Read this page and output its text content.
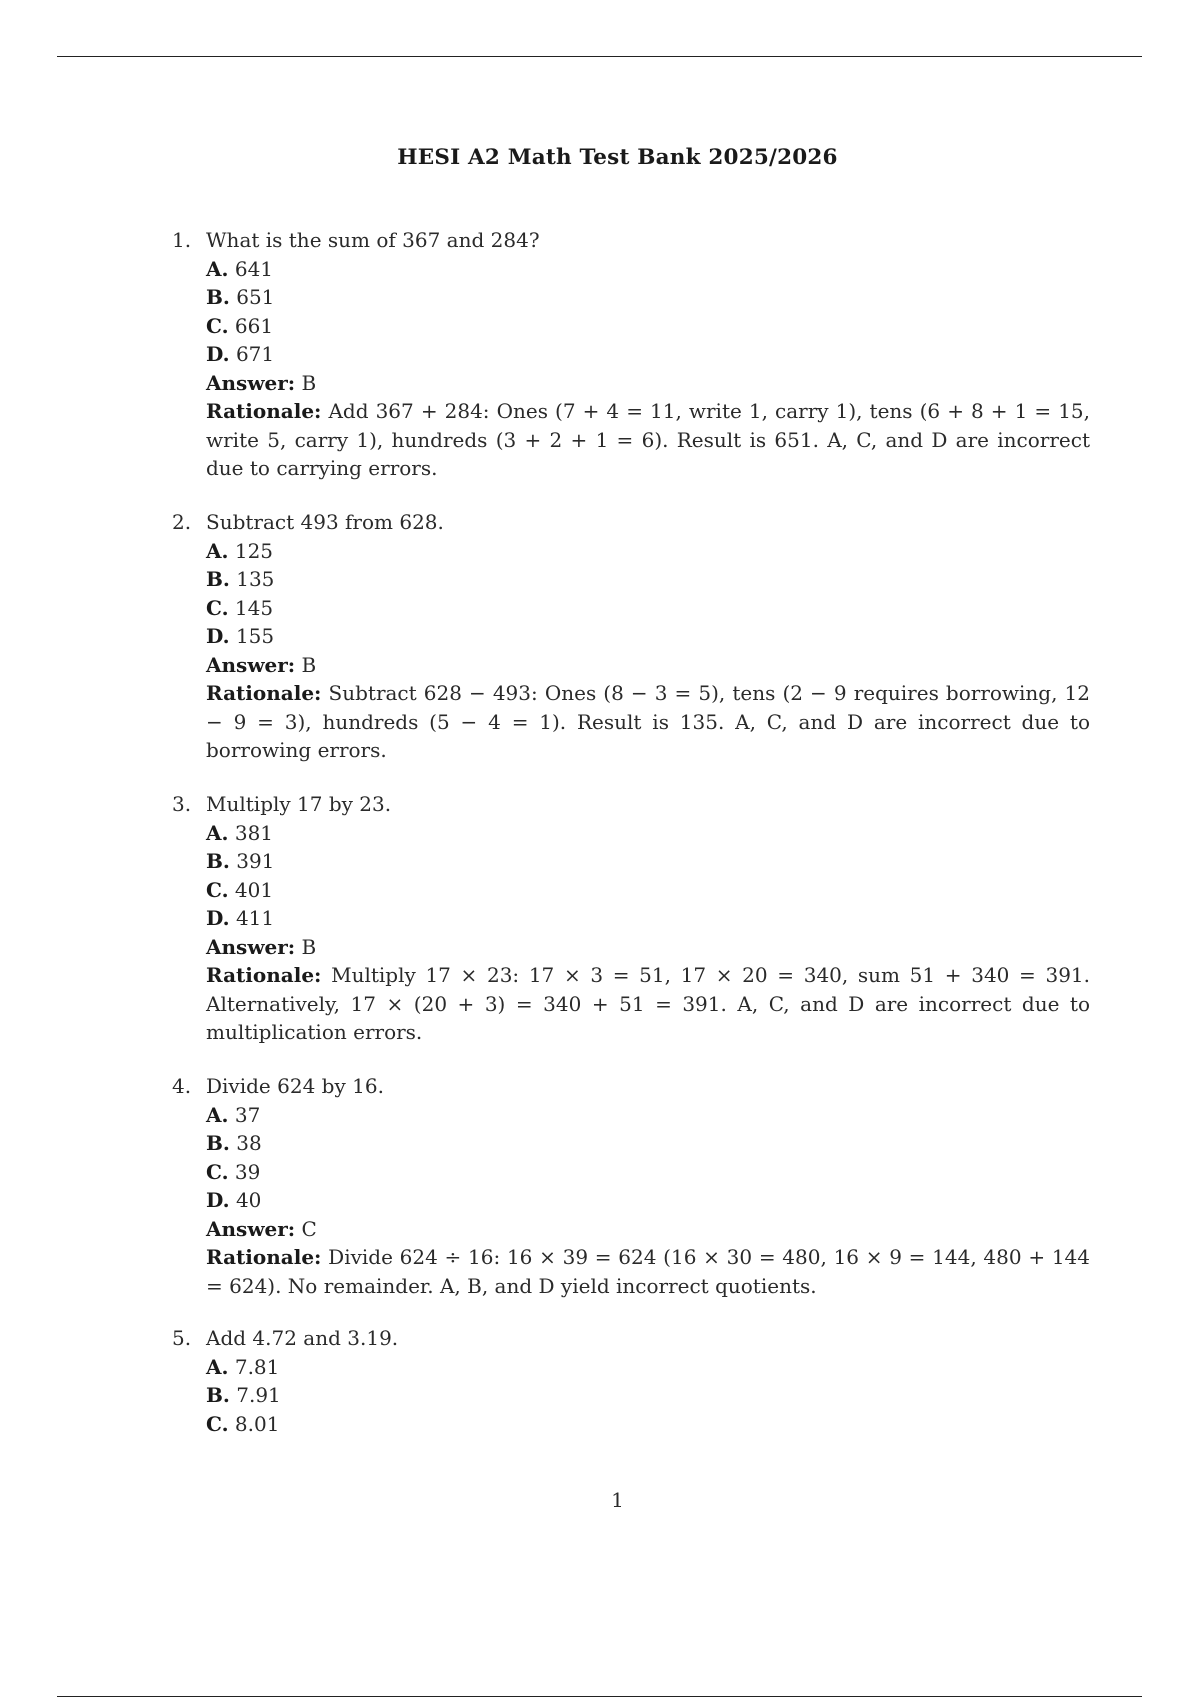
HESI A2 Math Test Bank 2025/2026
1. What is the sum of 367 and 284?
A. 641
B. 651
C. 661
D. 671
Answer: B
Rationale: Add 367 + 284: Ones (7 + 4 = 11, write 1, carry 1), tens (6 + 8 + 1 = 15, write 5, carry 1), hundreds (3 + 2 + 1 = 6). Result is 651. A, C, and D are incorrect due to carrying errors.
2. Subtract 493 from 628.
A. 125
B. 135
C. 145
D. 155
Answer: B
Rationale: Subtract 628 − 493: Ones (8 − 3 = 5), tens (2 − 9 requires borrowing, 12 − 9 = 3), hundreds (5 − 4 = 1). Result is 135. A, C, and D are incorrect due to borrowing errors.
3. Multiply 17 by 23.
A. 381
B. 391
C. 401
D. 411
Answer: B
Rationale: Multiply 17 × 23: 17 × 3 = 51, 17 × 20 = 340, sum 51 + 340 = 391. Alternatively, 17 × (20 + 3) = 340 + 51 = 391. A, C, and D are incorrect due to multiplication errors.
4. Divide 624 by 16.
A. 37
B. 38
C. 39
D. 40
Answer: C
Rationale: Divide 624 ÷ 16: 16 × 39 = 624 (16 × 30 = 480, 16 × 9 = 144, 480 + 144 = 624). No remainder. A, B, and D yield incorrect quotients.
5. Add 4.72 and 3.19.
A. 7.81
B. 7.91
C. 8.01
1
